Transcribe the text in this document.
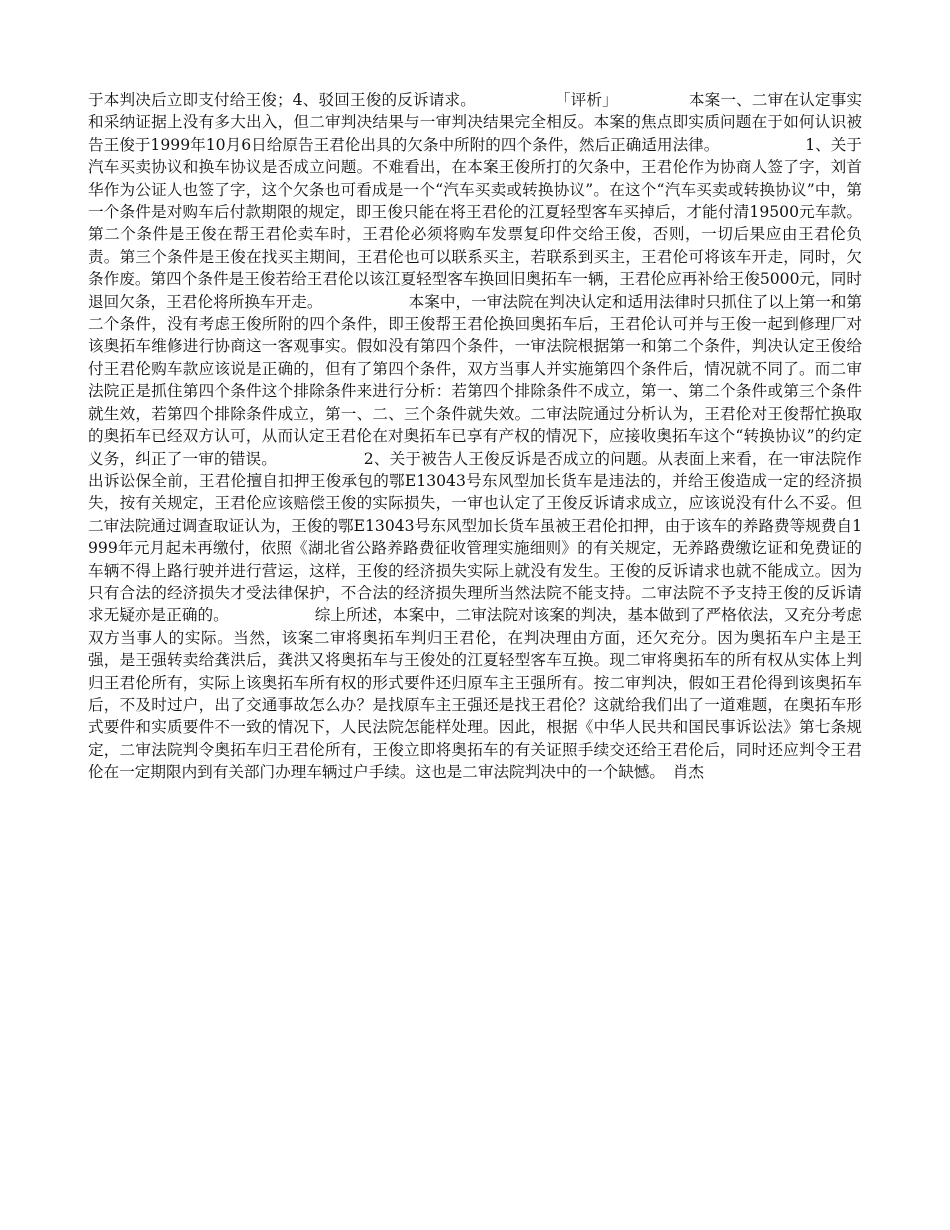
于本判决后立即支付给王俊；4、驳回王俊的反诉请求。　　　　　　「评析」　　　　　本案一、二审在认定事实和采纳证据上没有多大出入，但二审判决结果与一审判决结果完全相反。本案的焦点即实质问题在于如何认识被告王俊于1999年10月6日给原告王君伦出具的欠条中所附的四个条件，然后正确适用法律。　　　　　　1、关于汽车买卖协议和换车协议是否成立问题。不难看出，在本案王俊所打的欠条中，王君伦作为协商人签了字，刘首华作为公证人也签了字，这个欠条也可看成是一个“汽车买卖或转换协议”。在这个“汽车买卖或转换协议”中，第一个条件是对购车后付款期限的规定，即王俊只能在将王君伦的江夏轻型客车买掉后，才能付清19500元车款。第二个条件是王俊在帮王君伦卖车时，王君伦必须将购车发票复印件交给王俊，否则，一切后果应由王君伦负责。第三个条件是王俊在找买主期间，王君伦也可以联系买主，若联系到买主，王君伦可将该车开走，同时，欠条作废。第四个条件是王俊若给王君伦以该江夏轻型客车换回旧奥拓车一辆，王君伦应再补给王俊5000元，同时退回欠条，王君伦将所换车开走。　　　　　　本案中，一审法院在判决认定和适用法律时只抓住了以上第一和第二个条件，没有考虑王俊所附的四个条件，即王俊帮王君伦换回奥拓车后，王君伦认可并与王俊一起到修理厂对该奥拓车维修进行协商这一客观事实。假如没有第四个条件，一审法院根据第一和第二个条件，判决认定王俊给付王君伦购车款应该说是正确的，但有了第四个条件，双方当事人并实施第四个条件后，情况就不同了。而二审法院正是抓住第四个条件这个排除条件来进行分析：若第四个排除条件不成立，第一、第二个条件或第三个条件就生效，若第四个排除条件成立，第一、二、三个条件就失效。二审法院通过分析认为，王君伦对王俊帮忙换取的奥拓车已经双方认可，从而认定王君伦在对奥拓车已享有产权的情况下，应接收奥拓车这个“转换协议”的约定义务，纠正了一审的错误。　　　　　　2、关于被告人王俊反诉是否成立的问题。从表面上来看，在一审法院作出诉讼保全前，王君伦擅自扣押王俊承包的鄂E13043号东风型加长货车是违法的，并给王俊造成一定的经济损失，按有关规定，王君伦应该赔偿王俊的实际损失，一审也认定了王俊反诉请求成立，应该说没有什么不妥。但二审法院通过调查取证认为，王俊的鄂E13043号东风型加长货车虽被王君伦扣押，由于该车的养路费等规费自1999年元月起未再缴付，依照《湖北省公路养路费征收管理实施细则》的有关规定，无养路费缴讫证和免费证的车辆不得上路行驶并进行营运，这样，王俊的经济损失实际上就没有发生。王俊的反诉请求也就不能成立。因为只有合法的经济损失才受法律保护，不合法的经济损失理所当然法院不能支持。二审法院不予支持王俊的反诉请求无疑亦是正确的。　　　　　　综上所述，本案中，二审法院对该案的判决，基本做到了严格依法，又充分考虑双方当事人的实际。当然，该案二审将奥拓车判归王君伦，在判决理由方面，还欠充分。因为奥拓车户主是王强，是王强转卖给龚洪后，龚洪又将奥拓车与王俊处的江夏轻型客车互换。现二审将奥拓车的所有权从实体上判归王君伦所有，实际上该奥拓车所有权的形式要件还归原车主王强所有。按二审判决，假如王君伦得到该奥拓车后，不及时过户，出了交通事故怎么办？是找原车主王强还是找王君伦？这就给我们出了一道难题，在奥拓车形式要件和实质要件不一致的情况下，人民法院怎能样处理。因此，根据《中华人民共和国民事诉讼法》第七条规定，二审法院判令奥拓车归王君伦所有，王俊立即将奥拓车的有关证照手续交还给王君伦后，同时还应判令王君伦在一定期限内到有关部门办理车辆过户手续。这也是二审法院判决中的一个缺憾。　肖杰
